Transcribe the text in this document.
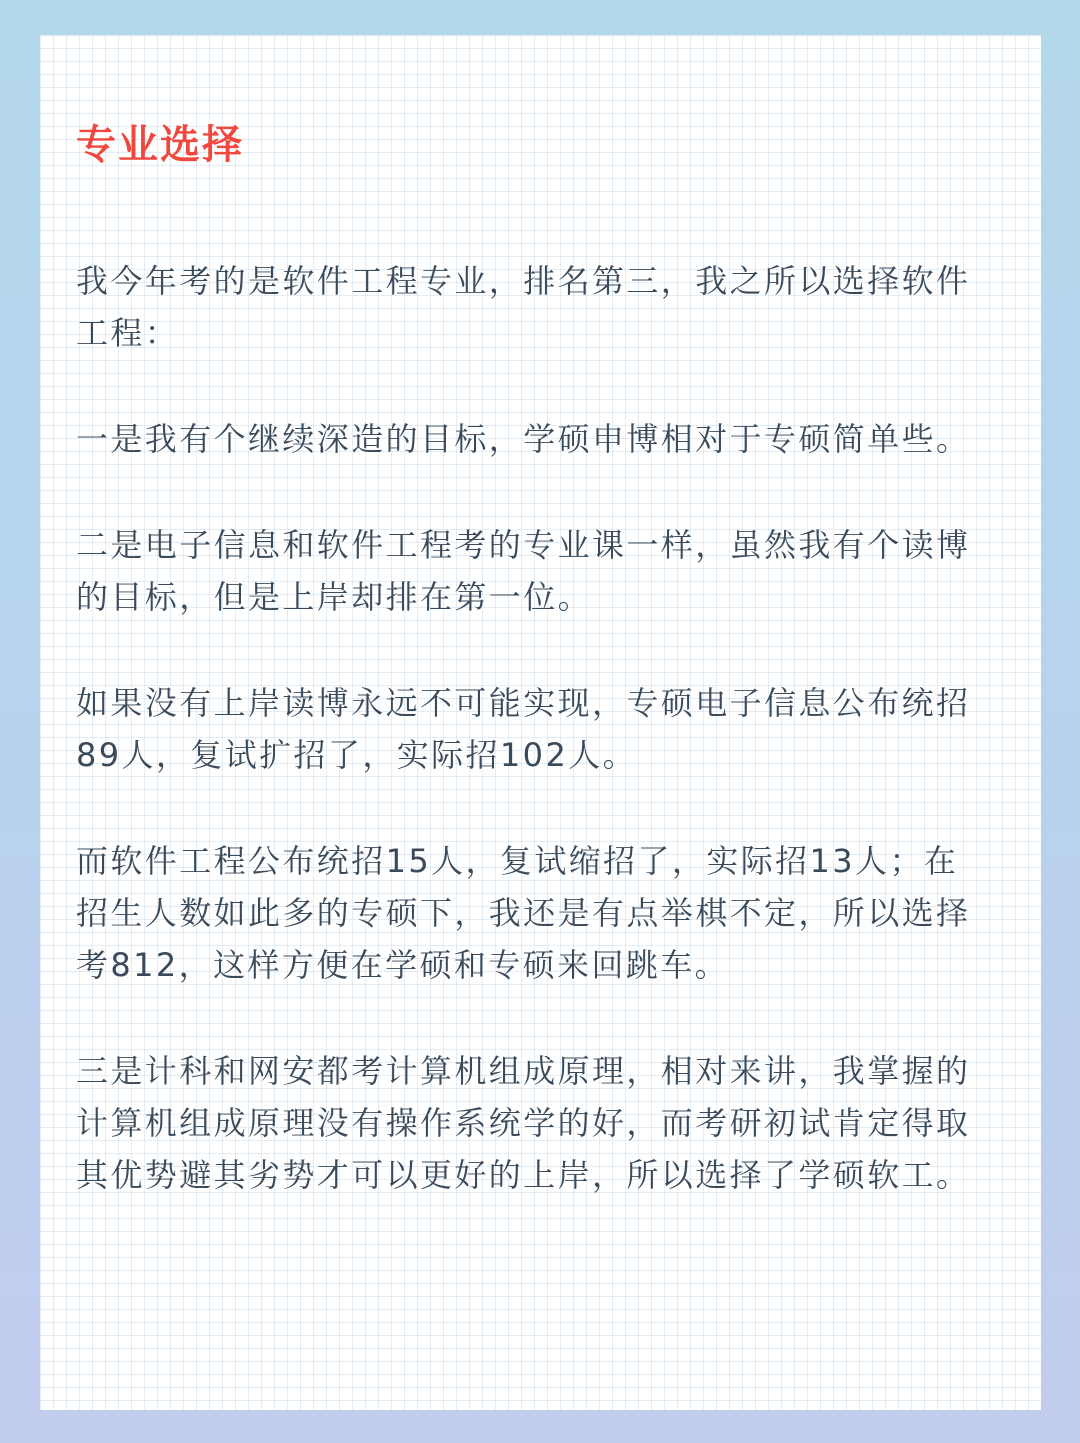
专业选择

我今年考的是软件工程专业，排名第三，我之所以选择软件工程：

一是我有个继续深造的目标，学硕申博相对于专硕简单些。

二是电子信息和软件工程考的专业课一样，虽然我有个读博的目标，但是上岸却排在第一位。

如果没有上岸读博永远不可能实现，专硕电子信息公布统招89人，复试扩招了，实际招102人。

而软件工程公布统招15人，复试缩招了，实际招13人；在招生人数如此多的专硕下，我还是有点举棋不定，所以选择考812，这样方便在学硕和专硕来回跳车。

三是计科和网安都考计算机组成原理，相对来讲，我掌握的计算机组成原理没有操作系统学的好，而考研初试肯定得取其优势避其劣势才可以更好的上岸，所以选择了学硕软工。
